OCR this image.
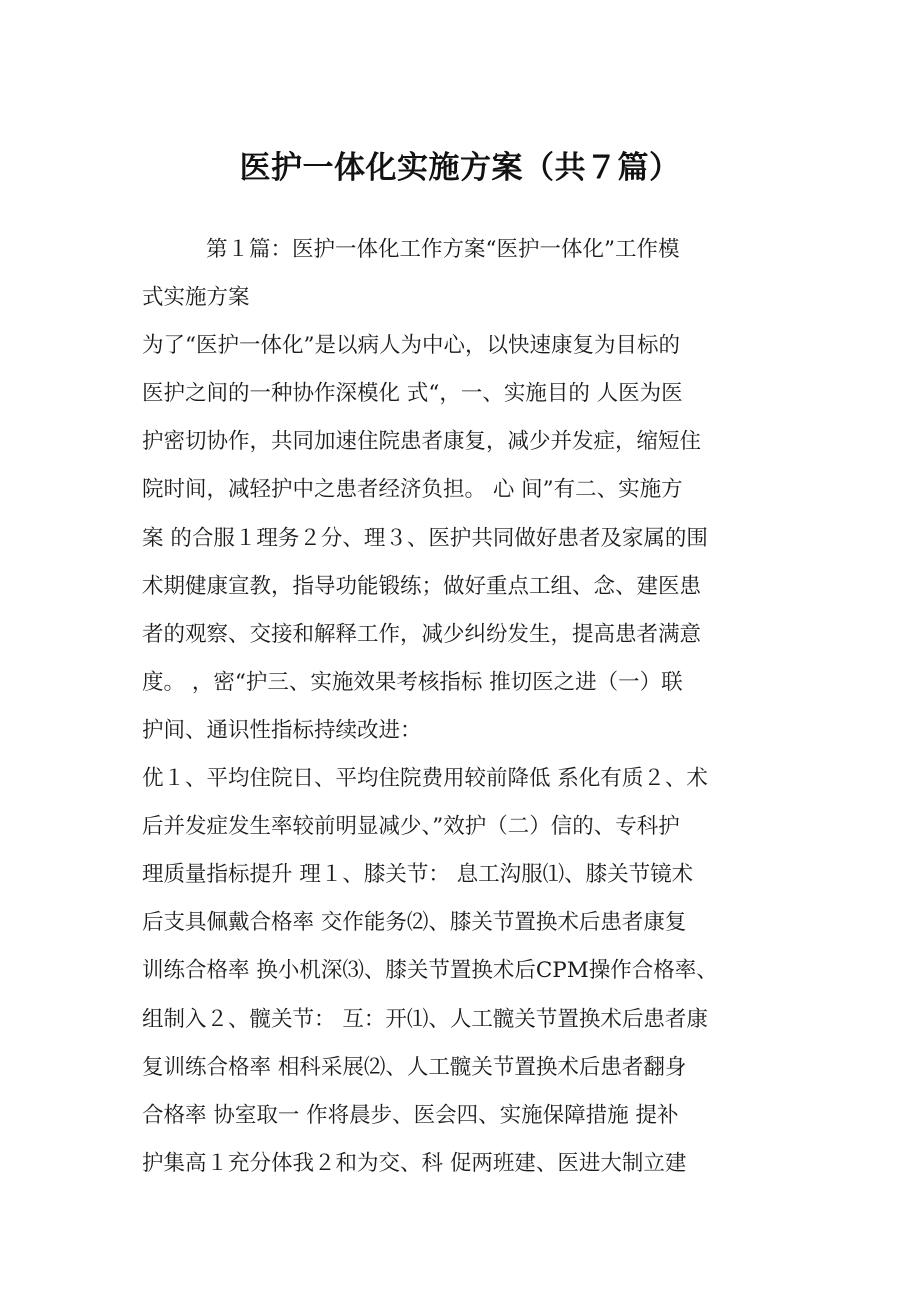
医护一体化实施方案（共７篇）
第１篇：医护一体化工作方案“医护一体化”工作模
式实施方案
为了“医护一体化”是以病人为中心，以快速康复为目标的
医护之间的一种协作深模化 式“，一、实施目的 人医为医
护密切协作，共同加速住院患者康复，减少并发症，缩短住
院时间，减轻护中之患者经济负担。 心 间”有二、实施方
案 的合服１理务２分、理３、医护共同做好患者及家属的围
术期健康宣教，指导功能锻练；做好重点工组、念、建医患
者的观察、交接和解释工作，减少纠纷发生，提高患者满意
度。 ，密“护三、实施效果考核指标 推切医之进（一）联
护间、通识性指标持续改进：
优１、平均住院日、平均住院费用较前降低 系化有质２、术
后并发症发生率较前明显减少、”效护（二）信的、专科护
理质量指标提升 理１、膝关节： 息工沟服⑴、膝关节镜术
后支具佩戴合格率 交作能务⑵、膝关节置换术后患者康复
训练合格率 换小机深⑶、膝关节置换术后CPM操作合格率、
组制入２、髋关节： 互：开⑴、人工髋关节置换术后患者康
复训练合格率 相科采展⑵、人工髋关节置换术后患者翻身
合格率 协室取一 作将晨步、医会四、实施保障措施 提补
护集高１充分体我２和为交、科 促两班建、医进大制立建
